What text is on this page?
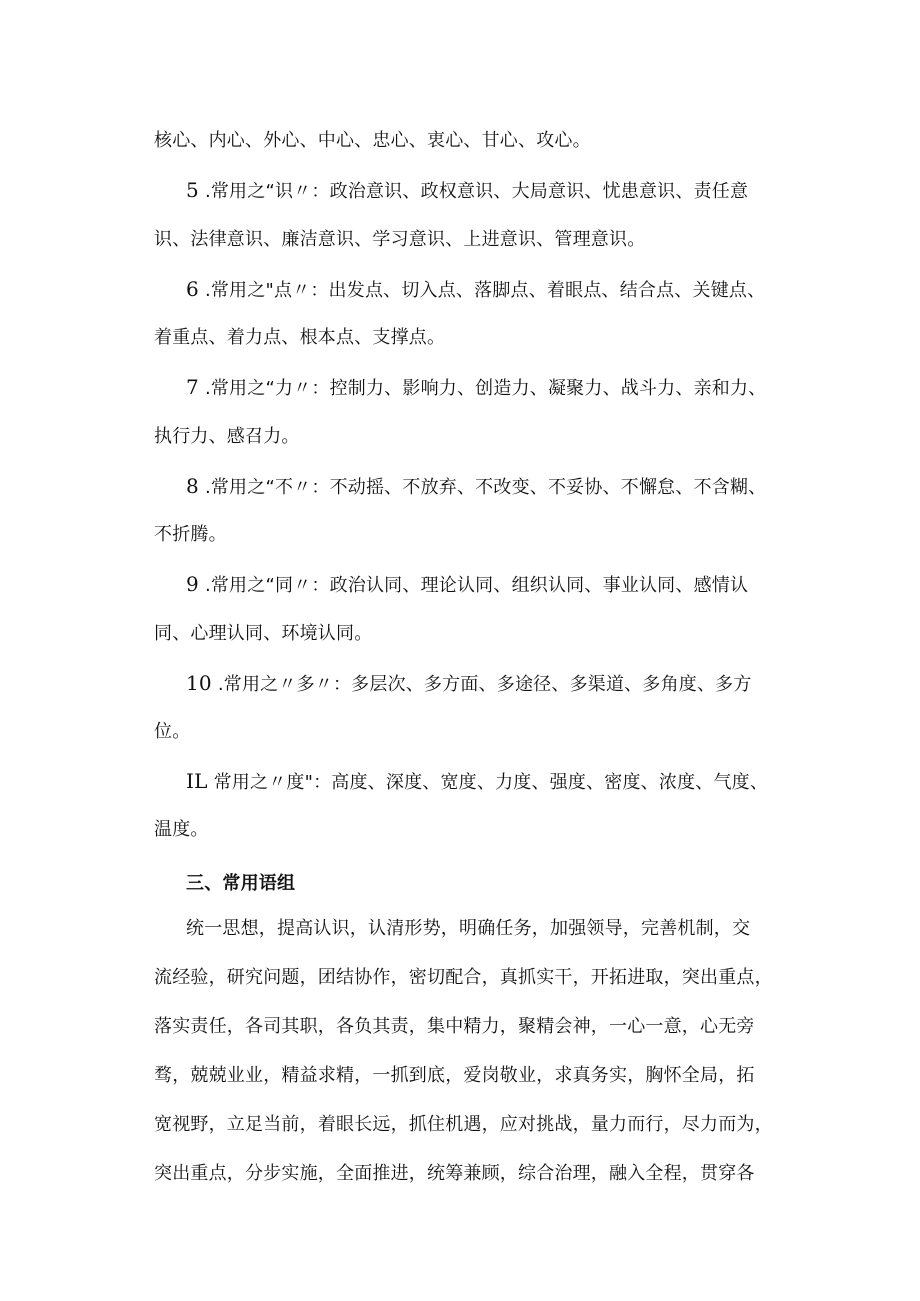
核心、内心、外心、中心、忠心、衷心、甘心、攻心。
5 .常用之“识〃：政治意识、政权意识、大局意识、忧患意识、责任意
识、法律意识、廉洁意识、学习意识、上进意识、管理意识。
6 .常用之"点〃：出发点、切入点、落脚点、着眼点、结合点、关键点、
着重点、着力点、根本点、支撑点。
7 .常用之“力〃：控制力、影响力、创造力、凝聚力、战斗力、亲和力、
执行力、感召力。
8 .常用之“不〃：不动摇、不放弃、不改变、不妥协、不懈怠、不含糊、
不折腾。
9 .常用之“同〃：政治认同、理论认同、组织认同、事业认同、感情认
同、心理认同、环境认同。
10 .常用之〃多〃：多层次、多方面、多途径、多渠道、多角度、多方
位。
IL 常用之〃度"：高度、深度、宽度、力度、强度、密度、浓度、气度、
温度。
三、常用语组
统一思想，提高认识，认清形势，明确任务，加强领导，完善机制，交
流经验，研究问题，团结协作，密切配合，真抓实干，开拓进取，突出重点，
落实责任，各司其职，各负其责，集中精力，聚精会神，一心一意，心无旁
骛，兢兢业业，精益求精，一抓到底，爱岗敬业，求真务实，胸怀全局，拓
宽视野，立足当前，着眼长远，抓住机遇，应对挑战，量力而行，尽力而为，
突出重点，分步实施，全面推进，统筹兼顾，综合治理，融入全程，贯穿各
